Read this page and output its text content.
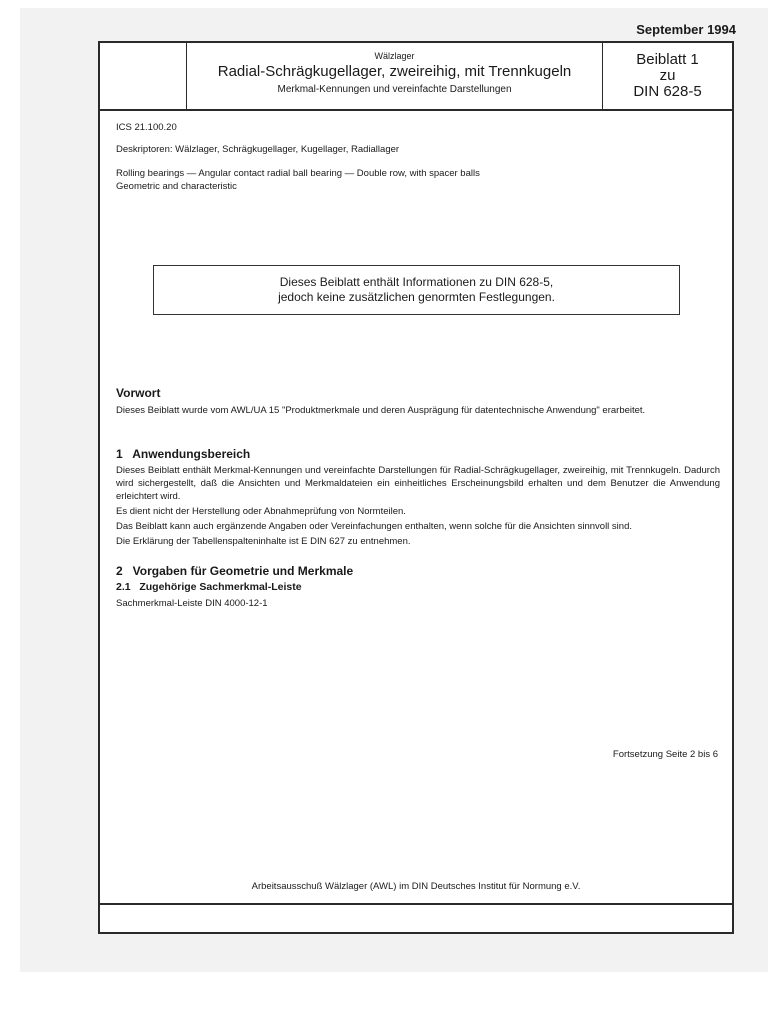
September 1994
Wälzlager
Radial-Schrägkugellager, zweireihig, mit Trennkugeln
Merkmal-Kennungen und vereinfachte Darstellungen
Beiblatt 1
zu
DIN 628-5
ICS 21.100.20
Deskriptoren: Wälzlager, Schrägkugellager, Kugellager, Radiallager
Rolling bearings — Angular contact radial ball bearing — Double row, with spacer balls
Geometric and characteristic
Dieses Beiblatt enthält Informationen zu DIN 628-5,
jedoch keine zusätzlichen genormten Festlegungen.
Vorwort
Dieses Beiblatt wurde vom AWL/UA 15 "Produktmerkmale und deren Ausprägung für datentechnische Anwendung" erarbeitet.
1   Anwendungsbereich
Dieses Beiblatt enthält Merkmal-Kennungen und vereinfachte Darstellungen für Radial-Schrägkugellager, zweireihig, mit Trennkugeln. Dadurch wird sichergestellt, daß die Ansichten und Merkmaldateien ein einheitliches Erscheinungsbild erhalten und dem Benutzer die Anwendung erleichtert wird.
Es dient nicht der Herstellung oder Abnahmeprüfung von Normteilen.
Das Beiblatt kann auch ergänzende Angaben oder Vereinfachungen enthalten, wenn solche für die Ansichten sinnvoll sind.
Die Erklärung der Tabellenspalteninhalte ist E DIN 627 zu entnehmen.
2   Vorgaben für Geometrie und Merkmale
2.1   Zugehörige Sachmerkmal-Leiste
Sachmerkmal-Leiste DIN 4000-12-1
Fortsetzung Seite 2 bis 6
Arbeitsausschuß Wälzlager (AWL) im DIN Deutsches Institut für Normung e.V.
